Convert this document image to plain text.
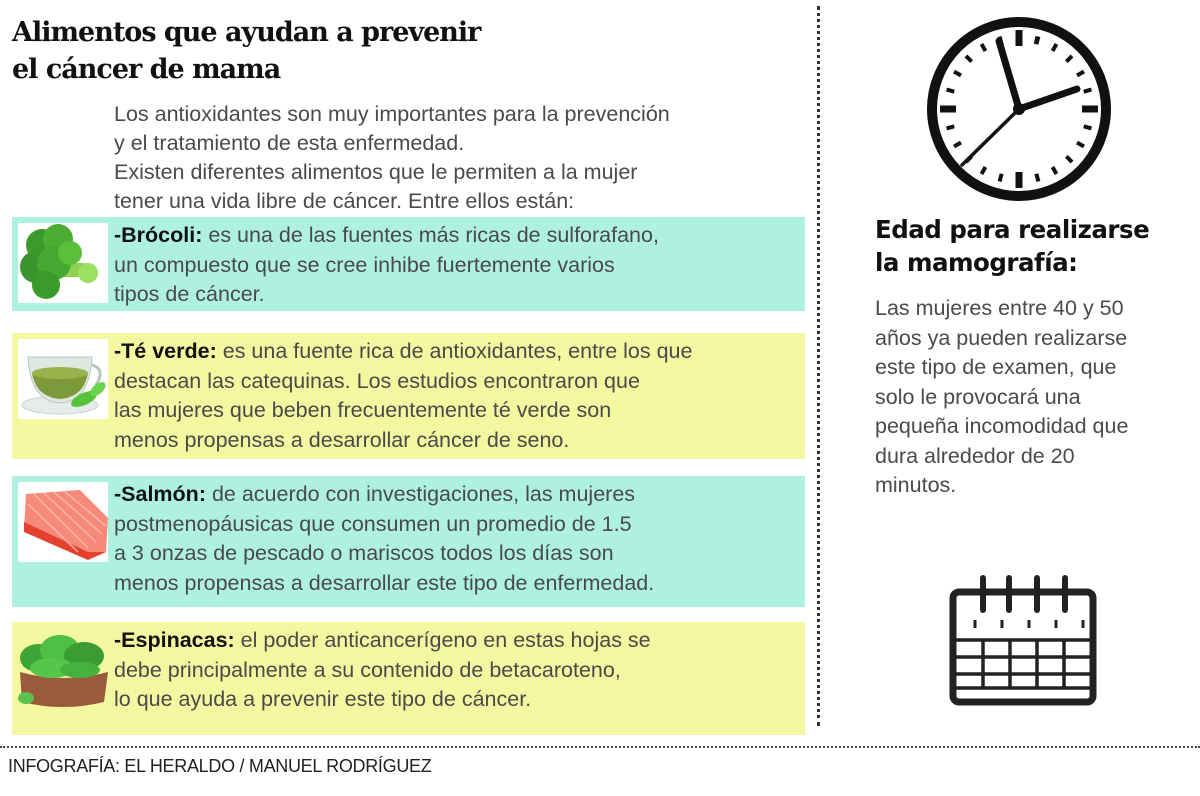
Alimentos que ayudan a prevenir
el cáncer de mama

Los antioxidantes son muy importantes para la prevención

y el tratamiento de esta enfermedad.

Existen diferentes alimentos que le permiten a la mujer

tener una vida libre de cáncer. Entre ellos están:

-Brócoli: es una de las fuentes más ricas de sulforafano,
un compuesto que se cree inhibe fuertemente varios
tipos de cáncer.
-Té verde: es una fuente rica de antioxidantes, entre los que
destacan las catequinas. Los estudios encontraron que
las mujeres que beben frecuentemente té verde son
menos propensas a desarrollar cáncer de seno.
-Salmón: de acuerdo con investigaciones, las mujeres
postmenopáusicas que consumen un promedio de 1.5
a 3 onzas de pescado o mariscos todos los días son
menos propensas a desarrollar este tipo de enfermedad.
-Espinacas: el poder anticancerígeno en estas hojas se
debe principalmente a su contenido de betacaroteno,
lo que ayuda a prevenir este tipo de cáncer.
Edad para realizarse
la mamografía:
Las mujeres entre 40 y 50
años ya pueden realizarse
este tipo de examen, que
solo le provocará una
pequeña incomodidad que
dura alrededor de 20
minutos.
INFOGRAFÍA: EL HERALDO / MANUEL RODRÍGUEZ
